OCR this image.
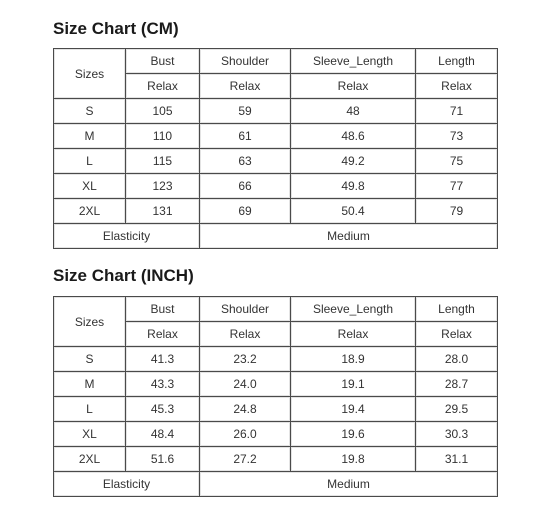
Size Chart (CM)
Sizes	Bust	Shoulder	Sleeve_Length	Length
	Relax	Relax	Relax	Relax
S	105	59	48	71
M	110	61	48.6	73
L	115	63	49.2	75
XL	123	66	49.8	77
2XL	131	69	50.4	79
Elasticity		Medium		
Size Chart (INCH)
Sizes	Bust	Shoulder	Sleeve_Length	Length
	Relax	Relax	Relax	Relax
S	41.3	23.2	18.9	28.0
M	43.3	24.0	19.1	28.7
L	45.3	24.8	19.4	29.5
XL	48.4	26.0	19.6	30.3
2XL	51.6	27.2	19.8	31.1
Elasticity		Medium		
